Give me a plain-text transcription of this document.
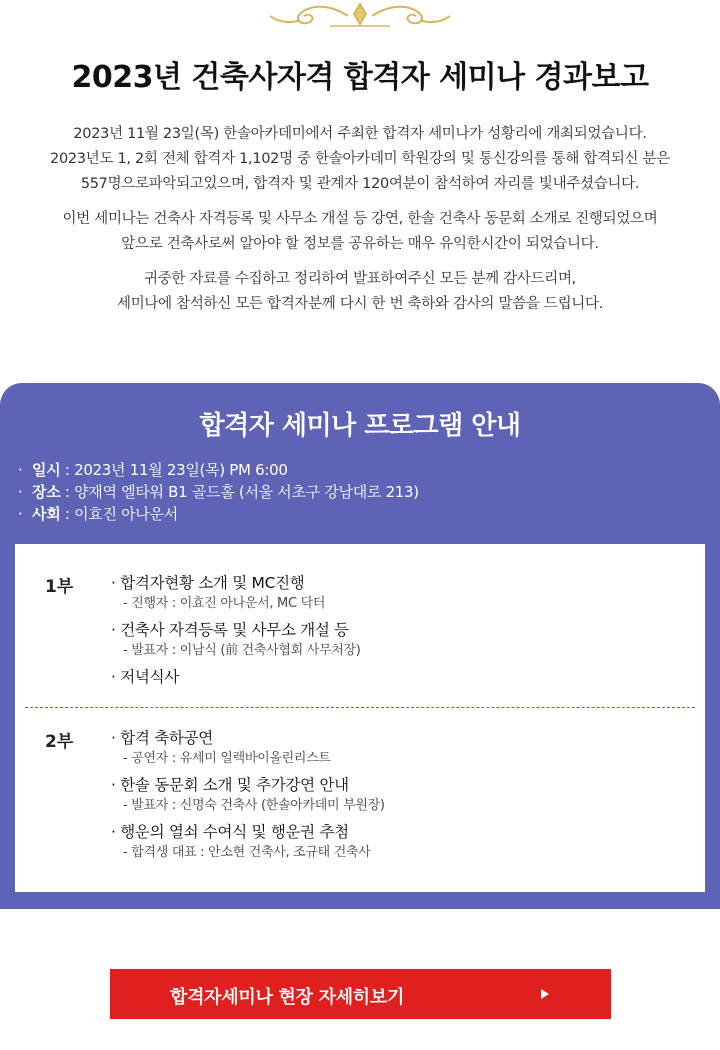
2023년 건축사자격 합격자 세미나 경과보고

2023년 11월 23일(목) 한솔아카데미에서 주최한 합격자 세미나가 성황리에 개최되었습니다.
2023년도 1, 2회 전체 합격자 1,102명 중 한솔아카데미 학원강의 및 통신강의를 통해 합격되신 분은
557명으로파악되고있으며, 합격자 및 관계자 120여분이 참석하여 자리를 빛내주셨습니다.

이번 세미나는 건축사 자격등록 및 사무소 개설 등 강연, 한솔 건축사 동문회 소개로 진행되었으며
앞으로 건축사로써 알아야 할 정보를 공유하는 매우 유익한시간이 되었습니다.

귀중한 자료를 수집하고 정리하여 발표하여주신 모든 분께 감사드리며,
세미나에 참석하신 모든 합격자분께 다시 한 번 축하와 감사의 말씀을 드립니다.

합격자 세미나 프로그램 안내
· 일시 : 2023년 11월 23일(목) PM 6:00
· 장소 : 양재역 엘타워 B1 골드홀 (서울 서초구 강남대로 213)
· 사회 : 이효진 아나운서
1부 · 합격자현황 소개 및 MC진행
- 진행자 : 이효진 아나운서, MC 닥터
· 건축사 자격등록 및 사무소 개설 등
- 발표자 : 이남식 (前 건축사협회 사무처장)
· 저녁식사
2부 · 합격 축하공연
- 공연자 : 유세미 일렉바이올린리스트
· 한솔 동문회 소개 및 추가강연 안내
- 발표자 : 신명숙 건축사 (한솔아카데미 부원장)
· 행운의 열쇠 수여식 및 행운권 추첨
- 합격생 대표 : 안소현 건축사, 조규태 건축사
합격자세미나 현장 자세히보기
